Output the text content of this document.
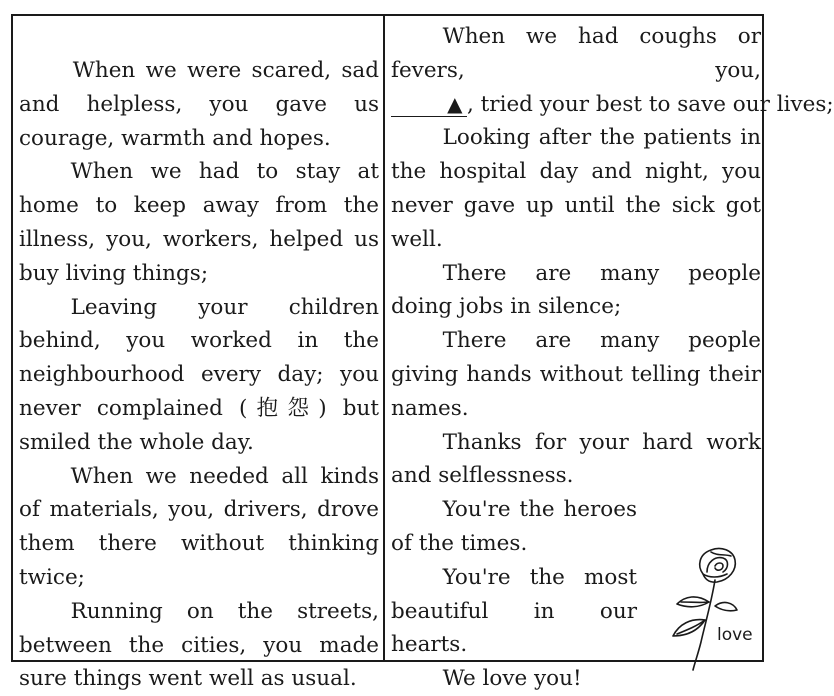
When we were scared, sad and helpless, you gave us courage, warmth and hopes.

When we had to stay at home to keep away from the illness, you, workers, helped us buy living things;

Leaving your children behind, you worked in the neighbourhood every day; you never complained (抱怨) but smiled the whole day.

When we needed all kinds of materials, you, drivers, drove them there without thinking twice;

Running on the streets, between the cities, you made sure things went well as usual.

When we had coughs or fevers, you, ▲ , tried your best to save our lives;

Looking after the patients in the hospital day and night, you never gave up until the sick got well.

There are many people doing jobs in silence;

There are many people giving hands without telling their names.

Thanks for your hard work and selflessness.

You're the heroes of the times.

You're the most beautiful in our hearts.

We love you!

love
